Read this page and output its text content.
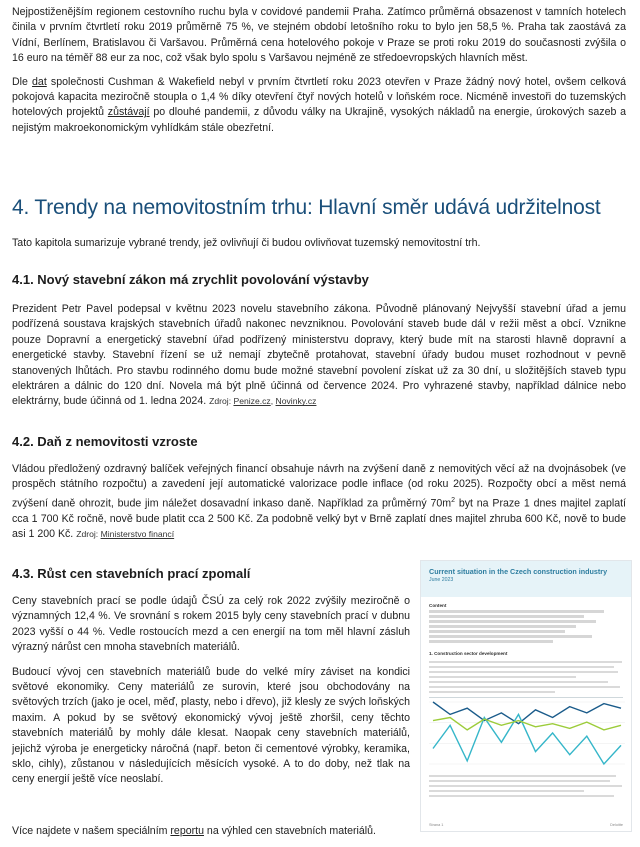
Nejpostiženějším regionem cestovního ruchu byla v covidové pandemii Praha. Zatímco průměrná obsazenost v tamních hotelech činila v prvním čtvrtletí roku 2019 průměrně 75 %, ve stejném období letošního roku to bylo jen 58,5 %. Praha tak zaostává za Vídní, Berlínem, Bratislavou či Varšavou. Průměrná cena hotelového pokoje v Praze se proti roku 2019 do současnosti zvýšila o 16 euro na téměř 88 eur za noc, což však bylo spolu s Varšavou nejméně ze středoevropských hlavních měst.

Dle dat společnosti Cushman & Wakefield nebyl v prvním čtvrtletí roku 2023 otevřen v Praze žádný nový hotel, ovšem celková pokojová kapacita meziročně stoupla o 1,4 % díky otevření čtyř nových hotelů v loňském roce. Nicméně investoři do tuzemských hotelových projektů zůstávají po dlouhé pandemii, z důvodu války na Ukrajině, vysokých nákladů na energie, úrokových sazeb a nejistým makroekonomickým vyhlídkám stále obezřetní.

4. Trendy na nemovitostním trhu: Hlavní směr udává udržitelnost

Tato kapitola sumarizuje vybrané trendy, jež ovlivňují či budou ovlivňovat tuzemský nemovitostní trh.

4.1. Nový stavební zákon má zrychlit povolování výstavby

Prezident Petr Pavel podepsal v květnu 2023 novelu stavebního zákona. Původně plánovaný Nejvyšší stavební úřad a jemu podřízená soustava krajských stavebních úřadů nakonec nevzniknou. Povolování staveb bude dál v režii měst a obcí. Vznikne pouze Dopravní a energetický stavební úřad podřízený ministerstvu dopravy, který bude mít na starosti hlavně dopravní a energetické stavby. Stavební řízení se už nemají zbytečně protahovat, stavební úřady budou muset rozhodnout v pevně stanovených lhůtách. Pro stavbu rodinného domu bude možné stavební povolení získat už za 30 dní, u složitějších staveb typu elektráren a dálnic do 120 dní. Novela má být plně účinná od července 2024. Pro vyhrazené stavby, například dálnice nebo elektrárny, bude účinná od 1. ledna 2024. Zdroj: Penize.cz, Novinky.cz

4.2. Daň z nemovitosti vzroste

Vládou předložený ozdravný balíček veřejných financí obsahuje návrh na zvýšení daně z nemovitých věcí až na dvojnásobek (ve prospěch státního rozpočtu) a zavedení její automatické valorizace podle inflace (od roku 2025). Rozpočty obcí a měst nemá zvýšení daně ohrozit, bude jim náležet dosavadní inkaso daně. Například za průměrný $70m^2$ byt na Praze 1 dnes majitel zaplatí cca 1 700 Kč ročně, nově bude platit cca 2 500 Kč. Za podobně velký byt v Brně zaplatí dnes majitel zhruba 600 Kč, nově to bude asi 1 200 Kč. Zdroj: Ministerstvo financí

4.3. Růst cen stavebních prací zpomalí

Ceny stavebních prací se podle údajů ČSÚ za celý rok 2022 zvýšily meziročně o významných 12,4 %. Ve srovnání s rokem 2015 byly ceny stavebních prací v dubnu 2023 vyšší o 44 %. Vedle rostoucích mezd a cen energií na tom měl hlavní zásluh výrazný nárůst cen mnoha stavebních materiálů.

Budoucí vývoj cen stavebních materiálů bude do velké míry záviset na kondici světové ekonomiky. Ceny materiálů ze surovin, které jsou obchodovány na světových trzích (jako je ocel, měď, plasty, nebo i dřevo), již klesly ze svých loňských maxim. A pokud by se světový ekonomický vývoj ještě zhoršil, ceny těchto stavebních materiálů by mohly dále klesat. Naopak ceny stavebních materiálů, jejichž výroba je energeticky náročná (např. beton či cementové výrobky, keramika, sklo, cihly), zůstanou v následujících měsících vysoké. A to do doby, než tlak na ceny energií ještě více neoslabí.

Více najdete v našem speciálním reportu na výhled cen stavebních materiálů.

Current situation in the Czech construction industry
June 2023
Content
1. Construction sector development
Strana 1	Deloitte
